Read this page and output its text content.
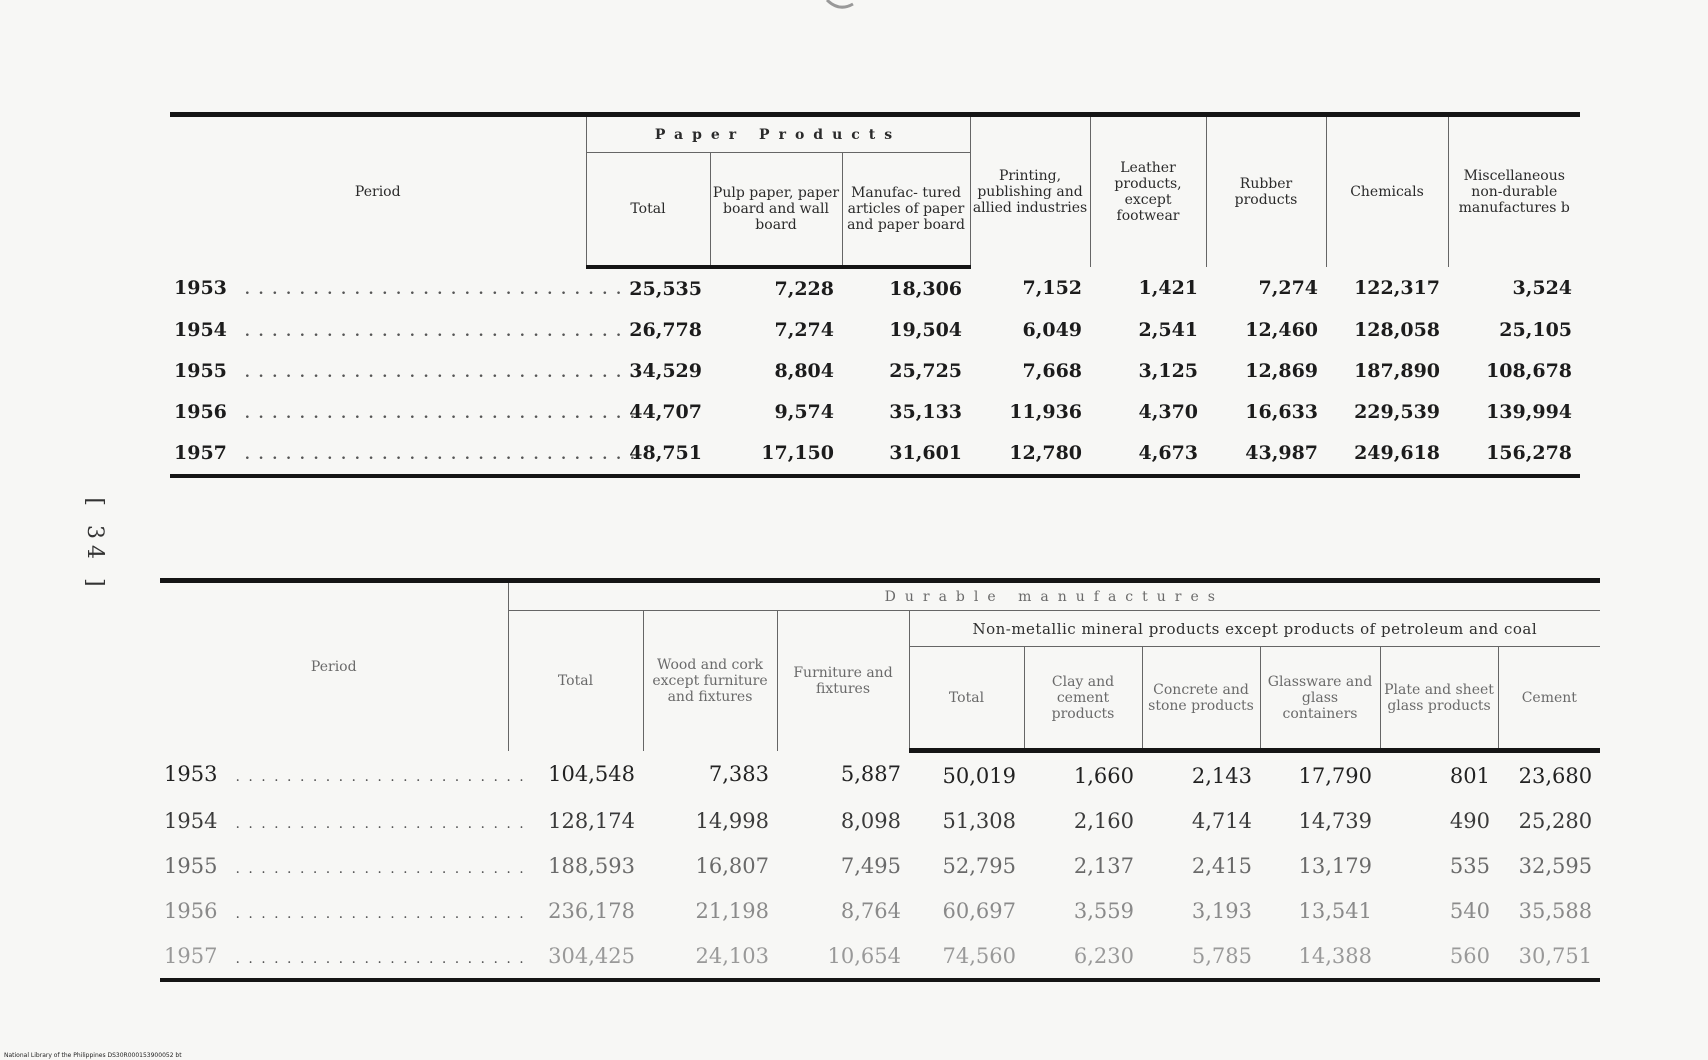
[ 34 ]
Period	Paper Products			Printing, publishing and allied industries	Leather products, except footwear	Rubber products	Chemicals	Miscellaneous non-durable manufactures b
	Total	Pulp paper, paper board and wall board	Manufac- tured articles of paper and paper board					
1953 . . . . . . . . . . . . . . . . . . . . . . . . . . . . .	25,535	7,228	18,306	7,152	1,421	7,274	122,317	3,524
1954 . . . . . . . . . . . . . . . . . . . . . . . . . . . . .	26,778	7,274	19,504	6,049	2,541	12,460	128,058	25,105
1955 . . . . . . . . . . . . . . . . . . . . . . . . . . . . .	34,529	8,804	25,725	7,668	3,125	12,869	187,890	108,678
1956 . . . . . . . . . . . . . . . . . . . . . . . . . . . . .	44,707	9,574	35,133	11,936	4,370	16,633	229,539	139,994
1957 . . . . . . . . . . . . . . . . . . . . . . . . . . . . .	48,751	17,150	31,601	12,780	4,673	43,987	249,618	156,278
Period	Durable manufactures								
	Total	Wood and cork except furniture and fixtures	Furniture and fixtures	Non-metallic mineral products except products of petroleum and coal					
				Total	Clay and cement products	Concrete and stone products	Glassware and glass containers	Plate and sheet glass products	Cement
1953 . . . . . . . . . . . . . . . . . . . . . . .	104,548	7,383	5,887	50,019	1,660	2,143	17,790	801	23,680
1954 . . . . . . . . . . . . . . . . . . . . . . .	128,174	14,998	8,098	51,308	2,160	4,714	14,739	490	25,280
1955 . . . . . . . . . . . . . . . . . . . . . . .	188,593	16,807	7,495	52,795	2,137	2,415	13,179	535	32,595
1956 . . . . . . . . . . . . . . . . . . . . . . .	236,178	21,198	8,764	60,697	3,559	3,193	13,541	540	35,588
1957 . . . . . . . . . . . . . . . . . . . . . . .	304,425	24,103	10,654	74,560	6,230	5,785	14,388	560	30,751
National Library of the Philippines DS30R000153900052 bt
